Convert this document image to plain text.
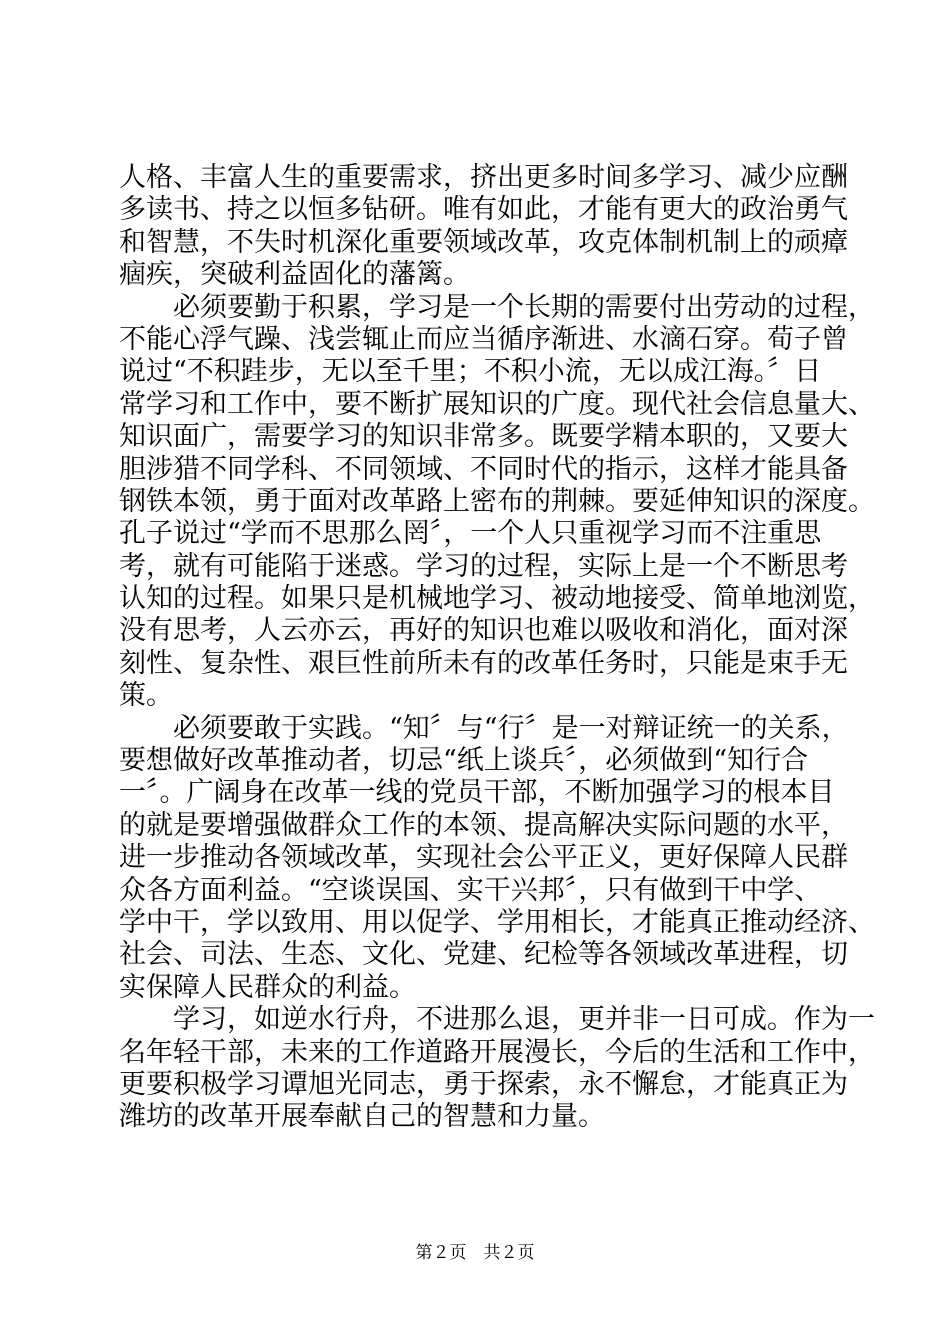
人格、丰富人生的重要需求，挤出更多时间多学习、减少应酬
多读书、持之以恒多钻研。唯有如此，才能有更大的政治勇气
和智慧，不失时机深化重要领域改革，攻克体制机制上的顽瘴
痼疾，突破利益固化的藩篱。
　　必须要勤于积累，学习是一个长期的需要付出劳动的过程，
不能心浮气躁、浅尝辄止而应当循序渐进、水滴石穿。荀子曾
说过“不积跬步，无以至千里；不积小流，无以成江海。〞日
常学习和工作中，要不断扩展知识的广度。现代社会信息量大、
知识面广，需要学习的知识非常多。既要学精本职的，又要大
胆涉猎不同学科、不同领域、不同时代的指示，这样才能具备
钢铁本领，勇于面对改革路上密布的荆棘。要延伸知识的深度。
孔子说过“学而不思那么罔〞，一个人只重视学习而不注重思
考，就有可能陷于迷惑。学习的过程，实际上是一个不断思考
认知的过程。如果只是机械地学习、被动地接受、简单地浏览，
没有思考，人云亦云，再好的知识也难以吸收和消化，面对深
刻性、复杂性、艰巨性前所未有的改革任务时，只能是束手无
策。
　　必须要敢于实践。“知〞与“行〞是一对辩证统一的关系，
要想做好改革推动者，切忌“纸上谈兵〞，必须做到“知行合
一〞。广阔身在改革一线的党员干部，不断加强学习的根本目
的就是要增强做群众工作的本领、提高解决实际问题的水平，
进一步推动各领域改革，实现社会公平正义，更好保障人民群
众各方面利益。“空谈误国、实干兴邦〞，只有做到干中学、
学中干，学以致用、用以促学、学用相长，才能真正推动经济、
社会、司法、生态、文化、党建、纪检等各领域改革进程，切
实保障人民群众的利益。
　　学习，如逆水行舟，不进那么退，更并非一日可成。作为一
名年轻干部，未来的工作道路开展漫长，今后的生活和工作中，
更要积极学习谭旭光同志，勇于探索，永不懈怠，才能真正为
潍坊的改革开展奉献自己的智慧和力量。
第２页　共２页
